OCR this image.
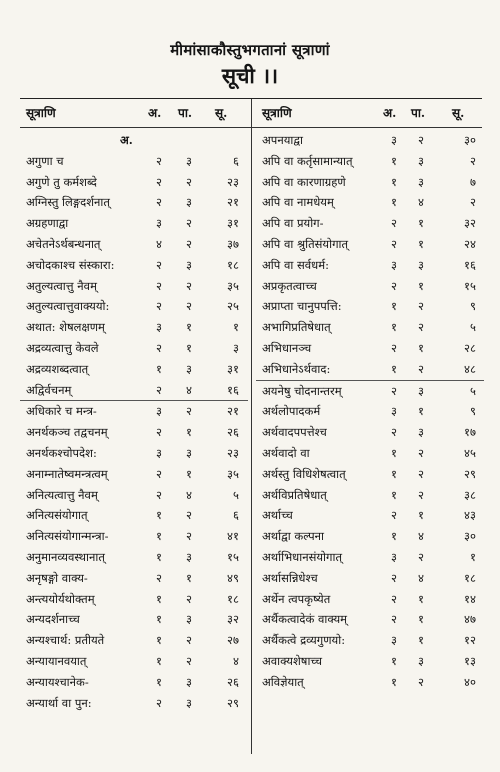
मीमांसाकौस्तुभगतानां सूत्राणां
सूची ।।
सूत्राणि	अ. पा. सू.	सूत्राणि	अ. पा. सू.
अ.
अगुणा च	२	३	६
अगुणे तु कर्मशब्दे	२	२	२३
अग्निस्तु लिङ्गदर्शनात्	२	३	२१
अग्रहणाद्वा	३	२	३१
अचेतनेऽर्थबन्धनात्	४	२	३७
अचोदकाश्च संस्कारा:	२	३	१८
अतुल्यत्वात्तु नैवम्	२	२	३५
अतुल्यत्वात्तुवाक्ययो:	२	२	२५
अथात: शेषलक्षणम्	३	१	१
अद्रव्यत्वात्तु केवले	२	१	३
अद्रव्यशब्दत्वात्	१	३	३१
अद्विर्वचनम्	२	४	१६
अधिकारे च मन्त्र-	३	२	२१
अनर्थकञ्च तद्वचनम्	२	१	२६
अनर्थकश्चोपदेश:	३	३	२३
अनाम्नातेष्वमन्त्रत्वम्	२	१	३५
अनित्यत्वात्तु नैवम्	२	४	५
अनित्यसंयोगात्	१	२	६
अनित्यसंयोगान्मन्त्रा-	१	२	४१
अनुमानव्यवस्थानात्	१	३	१५
अनृषङ्गो वाक्य-	२	१	४९
अन्त्ययोर्यथोक्तम्	१	२	१८
अन्यदर्शनाच्च	१	३	३२
अन्यश्चार्थ: प्रतीयते	१	२	२७
अन्यायानवयात्	१	२	४
अन्यायश्चानेक-	१	३	२६
अन्यार्था वा पुन:	२	३	२९
अपनयाद्वा	३	२	३०
अपि वा कर्तृसामान्यात्	१	३	२
अपि वा कारणाग्रहणे	१	३	७
अपि वा नामधेयम्	१	४	२
अपि वा प्रयोग-	२	१	३२
अपि वा श्रुतिसंयोगात्	२	१	२४
अपि वा सर्वधर्म:	३	३	१६
अप्रकृतत्वाच्च	२	१	१५
अप्राप्ता चानुपपत्ति:	१	२	९
अभागिप्रतिषेधात्	१	२	५
अभिधानञ्च	२	१	२८
अभिधानेऽर्थवाद:	१	२	४८
अयनेषु चोदनान्तरम्	२	३	५
अर्थलोपादकर्म	३	१	९
अर्थवादपपत्तेश्च	२	३	१७
अर्थवादो वा	१	२	४५
अर्थस्तु विधिशेषत्वात्	१	२	२९
अर्थविप्रतिषेधात्	१	२	३८
अर्थाच्च	२	१	४३
अर्थाद्वा कल्पना	१	४	३०
अर्थाभिधानसंयोगात्	३	२	१
अर्थासन्निधेश्च	२	४	१८
अर्थेन त्वपकृष्येत	२	१	१४
अर्थैकत्वादेकं वाक्यम्	२	१	४७
अर्थैकत्वे द्रव्यगुणयो:	३	१	१२
अवाक्यशेषाच्च	१	३	१३
अविज्ञेयात्	१	२	४०
